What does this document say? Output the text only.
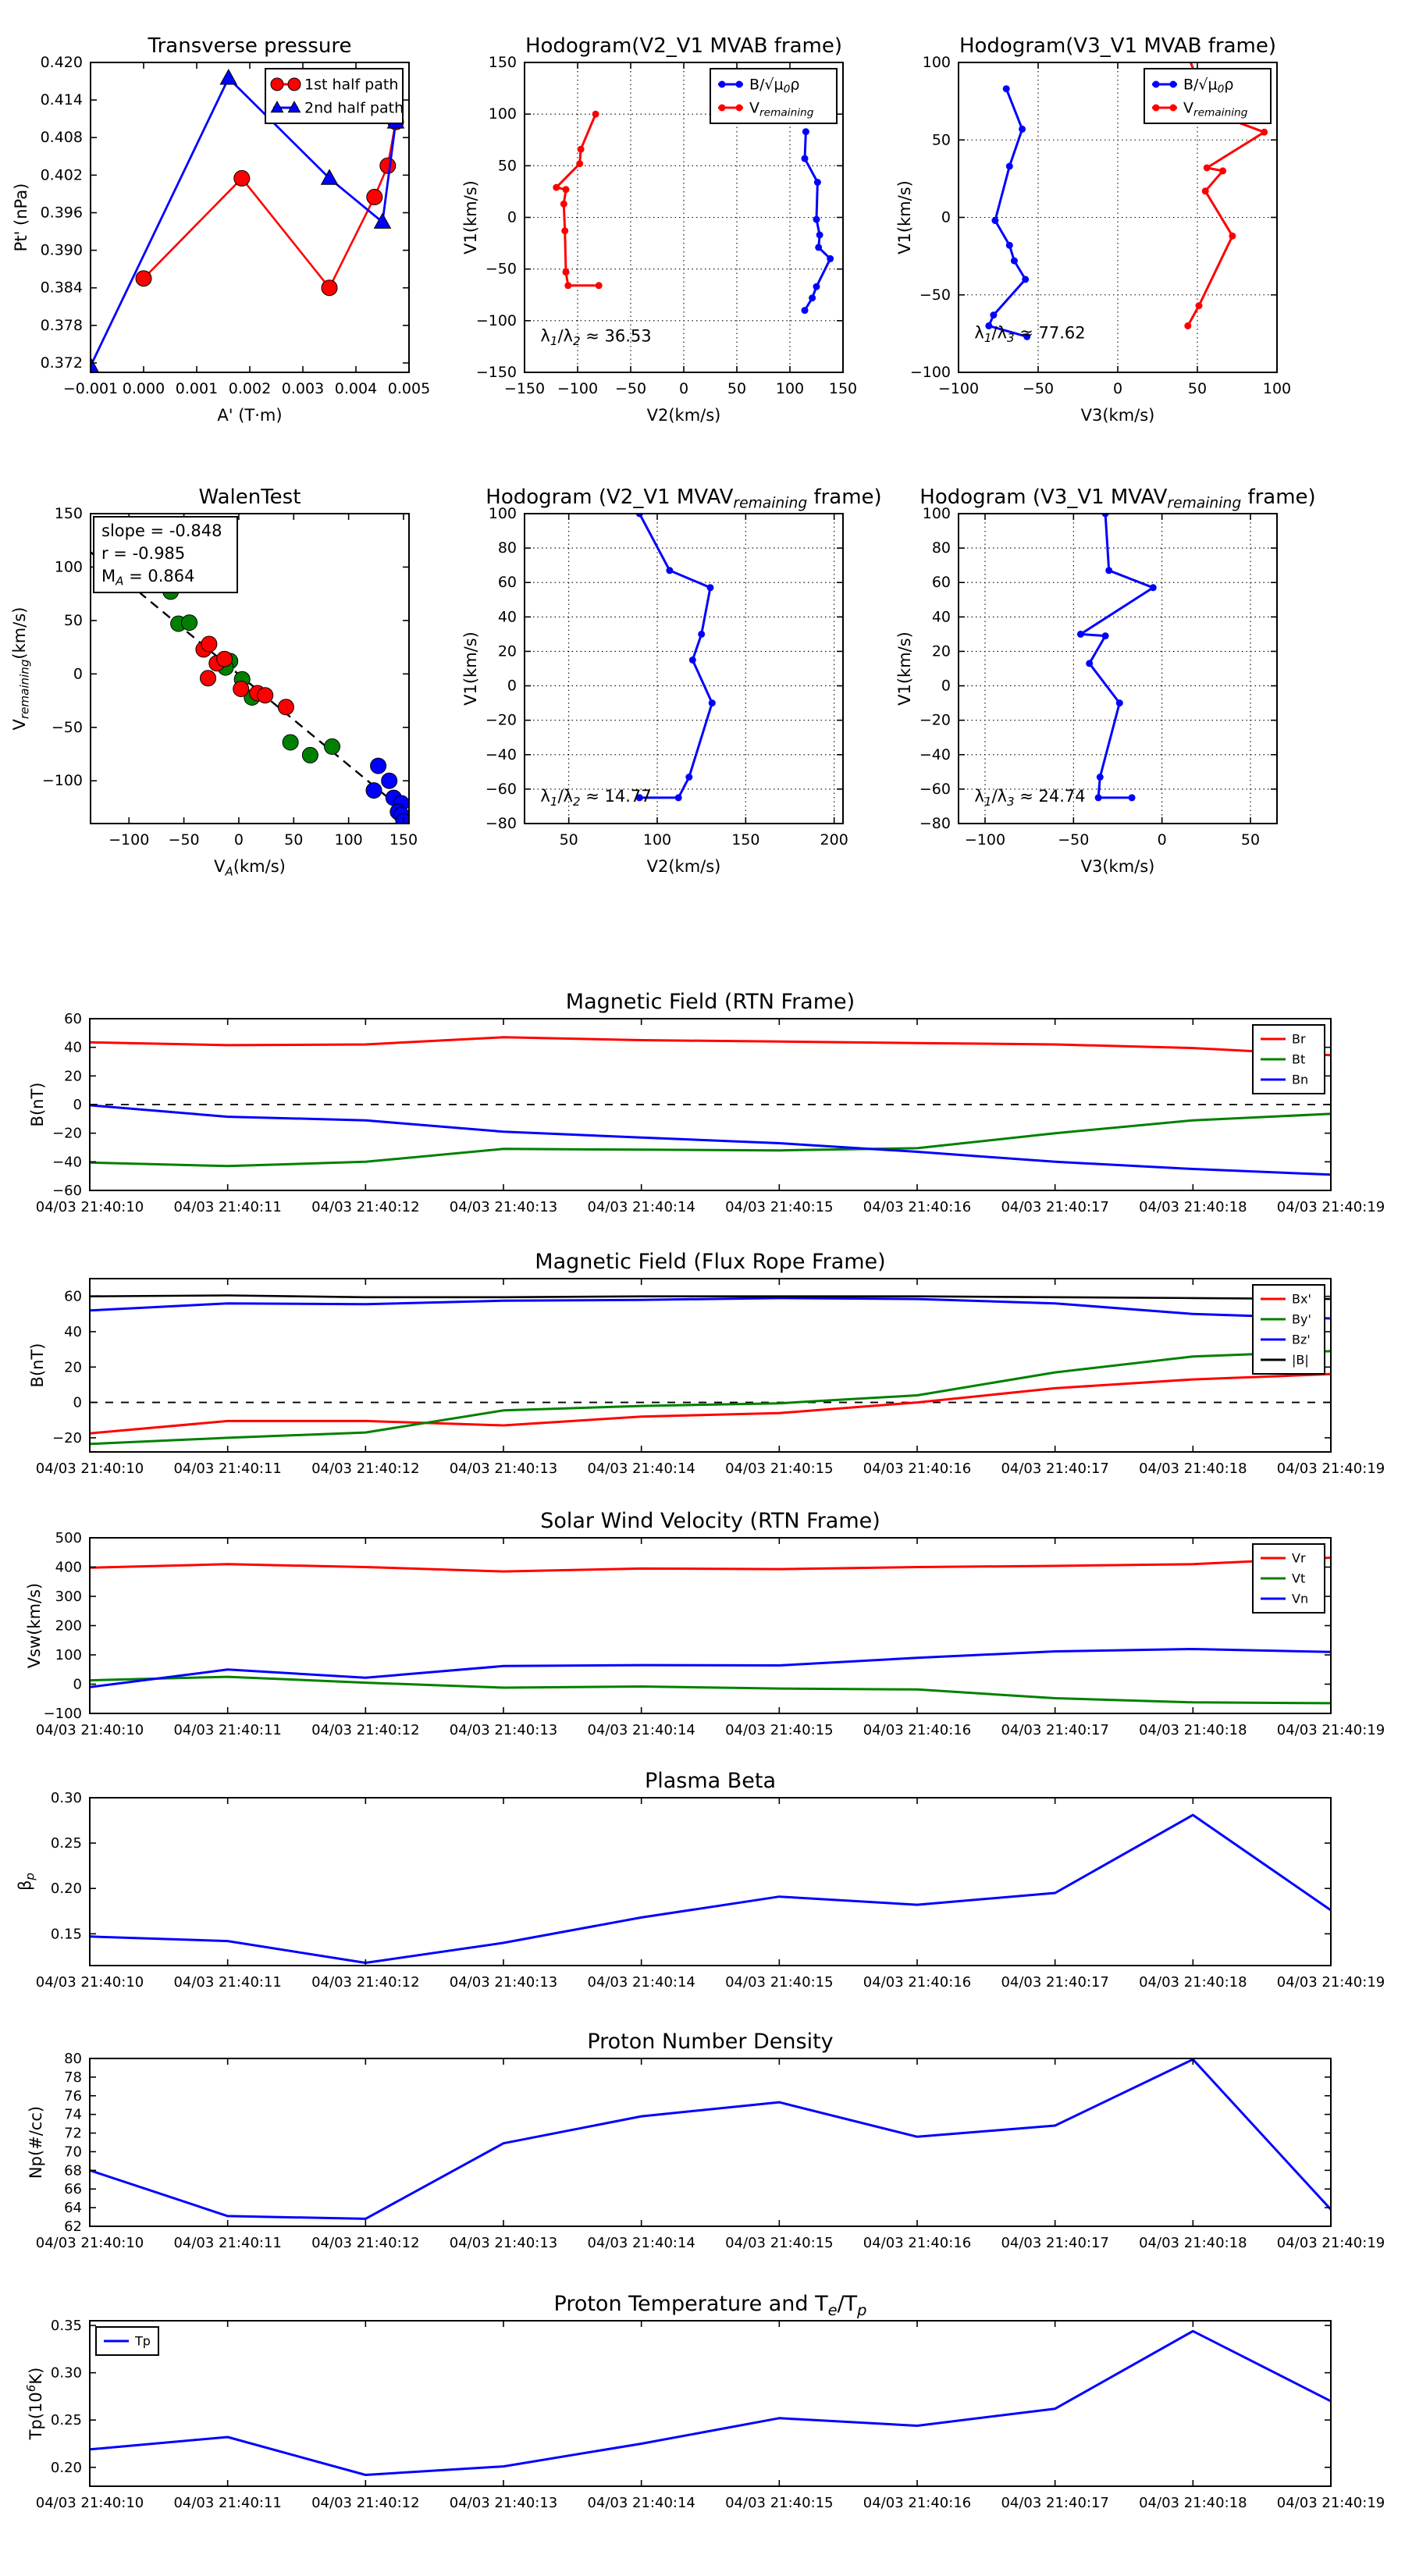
−0.001 0.000 0.001 0.002 0.003 0.004 0.005
0.372
0.378
0.384
0.390
0.396
0.402
0.408
0.414
0.420
Transverse pressure
A' (T·m)
Pt' (nPa)
1st half path
2nd half path
−150 −100 −50 0	50 100 150
−150
−100
−50
0
50
100
150
Hodogram(V2_V1 MVAB frame)
V2(km/s)
V1(km/s)
$B/√\mu_0\rho$
$V_{remaining}$
$\lambda_1/\lambda_2 \approx 36.53$
−100	−50	0	50	100
−100
−50
0
50
100
Hodogram(V3_V1 MVAB frame)
V3(km/s)
V1(km/s)
$B/√\mu_0\rho$
$V_{remaining}$
$\lambda_1/\lambda_3 \approx 77.62$
−100 −50 0	50 100 150
−100
−50
0
50
100
150
WalenTest
$V_A(km/s)$
$V_{remaining}(km/s)$
slope = -0.848
r = -0.985
$M_A = 0.864$
50	100	150	200
−80
−60
−40
−20
0
20
40
60
80
100
Hodogram (V2_V1 $MVAV_{remaining}$ frame)
V2(km/s)
V1(km/s)
$\lambda_1/\lambda_2 \approx 14.77$
−100	−50	0	50
−80
−60
−40
−20
0
20
40
60
80
100
Hodogram (V3_V1 $MVAV_{remaining}$ frame)
V3(km/s)
V1(km/s)
$\lambda_1/\lambda_3 \approx 24.74$
04/03 21:40:10 04/03 21:40:11 04/03 21:40:12 04/03 21:40:13 04/03 21:40:14 04/03 21:40:15 04/03 21:40:16 04/03 21:40:17 04/03 21:40:18 04/03 21:40:19
−60
−40
−20
0
20
40
60
Magnetic Field (RTN Frame)
B(nT)
Br
Bt
Bn
04/03 21:40:10 04/03 21:40:11 04/03 21:40:12 04/03 21:40:13 04/03 21:40:14 04/03 21:40:15 04/03 21:40:16 04/03 21:40:17 04/03 21:40:18 04/03 21:40:19
−20
0
20
40
60
Magnetic Field (Flux Rope Frame)
B(nT)
Bx'
By'
Bz'
|B|
04/03 21:40:10 04/03 21:40:11 04/03 21:40:12 04/03 21:40:13 04/03 21:40:14 04/03 21:40:15 04/03 21:40:16 04/03 21:40:17 04/03 21:40:18 04/03 21:40:19
−100
0
100
200
300
400
500
Solar Wind Velocity (RTN Frame)
Vsw(km/s)
Vr
Vt
Vn
04/03 21:40:10 04/03 21:40:11 04/03 21:40:12 04/03 21:40:13 04/03 21:40:14 04/03 21:40:15 04/03 21:40:16 04/03 21:40:17 04/03 21:40:18 04/03 21:40:19
0.15
0.20
0.25
0.30
Plasma Beta
$\beta_p$
04/03 21:40:10 04/03 21:40:11 04/03 21:40:12 04/03 21:40:13 04/03 21:40:14 04/03 21:40:15 04/03 21:40:16 04/03 21:40:17 04/03 21:40:18 04/03 21:40:19
62
64
66
68
70
72
74
76
78
80
Proton Number Density
Np(#/cc)
04/03 21:40:10 04/03 21:40:11 04/03 21:40:12 04/03 21:40:13 04/03 21:40:14 04/03 21:40:15 04/03 21:40:16 04/03 21:40:17 04/03 21:40:18 04/03 21:40:19
0.20
0.25
0.30
0.35
Proton Temperature and $T_e/T_p$
$Tp(10^6K)$
Tp
